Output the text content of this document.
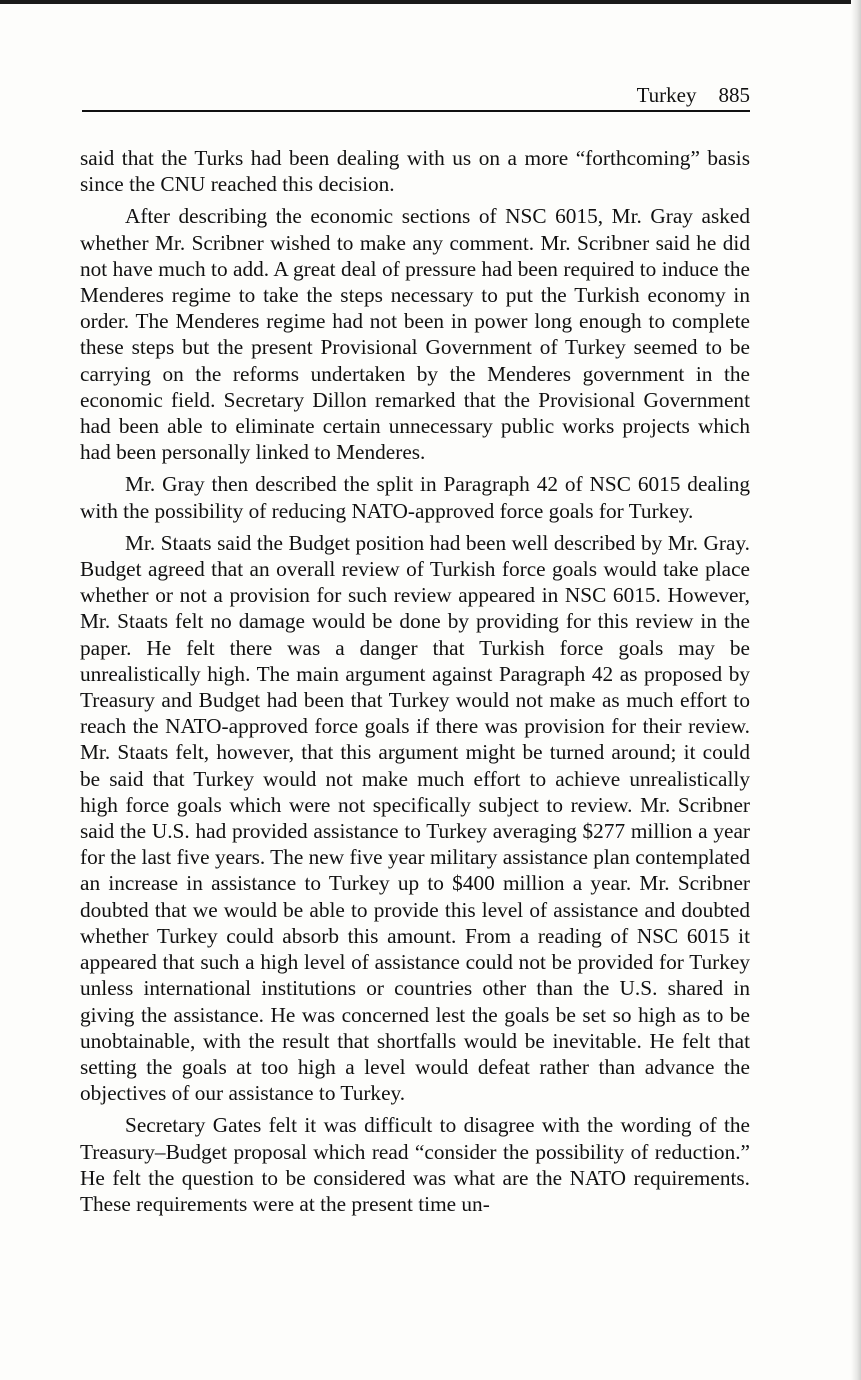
Turkey 885

said that the Turks had been dealing with us on a more “forthcoming” basis since the CNU reached this decision.

After describing the economic sections of NSC 6015, Mr. Gray asked whether Mr. Scribner wished to make any comment. Mr. Scribner said he did not have much to add. A great deal of pressure had been required to induce the Menderes regime to take the steps necessary to put the Turkish economy in order. The Menderes regime had not been in power long enough to complete these steps but the present Provisional Government of Turkey seemed to be carrying on the reforms undertaken by the Menderes government in the economic field. Secretary Dillon remarked that the Provisional Government had been able to eliminate certain unnecessary public works projects which had been personally linked to Menderes.

Mr. Gray then described the split in Paragraph 42 of NSC 6015 dealing with the possibility of reducing NATO-approved force goals for Turkey.

Mr. Staats said the Budget position had been well described by Mr. Gray. Budget agreed that an overall review of Turkish force goals would take place whether or not a provision for such review appeared in NSC 6015. However, Mr. Staats felt no damage would be done by providing for this review in the paper. He felt there was a danger that Turkish force goals may be unrealistically high. The main argument against Paragraph 42 as proposed by Treasury and Budget had been that Turkey would not make as much effort to reach the NATO-approved force goals if there was provision for their review. Mr. Staats felt, however, that this argument might be turned around; it could be said that Turkey would not make much effort to achieve unrealistically high force goals which were not specifically subject to review. Mr. Scribner said the U.S. had provided assistance to Turkey averaging $277 million a year for the last five years. The new five year military assistance plan contemplated an increase in assistance to Turkey up to $400 million a year. Mr. Scribner doubted that we would be able to provide this level of assistance and doubted whether Turkey could absorb this amount. From a reading of NSC 6015 it appeared that such a high level of assistance could not be provided for Turkey unless international institutions or countries other than the U.S. shared in giving the assistance. He was concerned lest the goals be set so high as to be unobtainable, with the result that shortfalls would be inevitable. He felt that setting the goals at too high a level would defeat rather than advance the objectives of our assistance to Turkey.

Secretary Gates felt it was difficult to disagree with the wording of the Treasury–Budget proposal which read “consider the possibility of reduction.” He felt the question to be considered was what are the NATO requirements. These requirements were at the present time un-
